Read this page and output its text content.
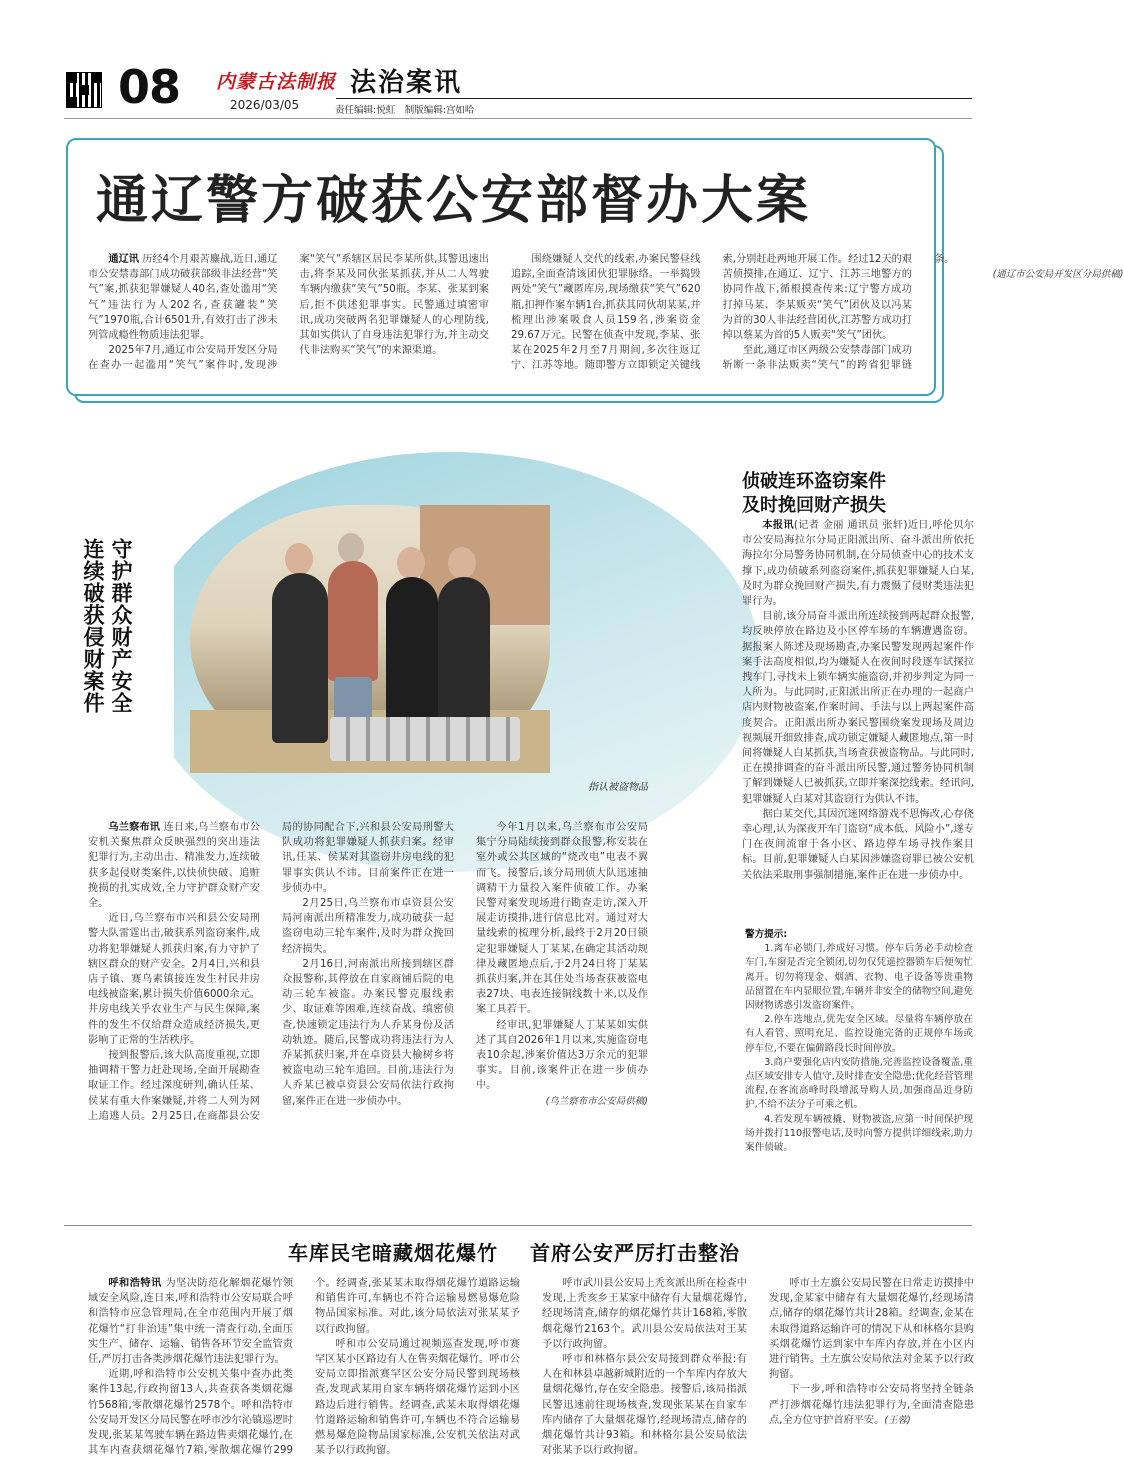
08 内蒙古法制报
2026/03/05
法治案讯
责任编辑:悦虹　制版编辑:宫如哈
通辽警方破获公安部督办大案

通辽讯 历经4个月艰苦鏖战,近日,通辽市公安禁毒部门成功破获部级非法经营“笑气”案,抓获犯罪嫌疑人40名,查处滥用“笑气”违法行为人202名,查获罐装“笑气”1970瓶,合计6501升,有效打击了涉未列管成瘾性物质违法犯罪。

2025年7月,通辽市公安局开发区分局在查办一起滥用“笑气”案件时,发现涉案“笑气”系辖区居民李某所供,其警迅速出击,将李某及同伙张某抓获,并从二人驾驶车辆内缴获“笑气”50瓶。李某、张某到案后,拒不供述犯罪事实。民警通过填密审讯,成功突破两名犯罪嫌疑人的心理防线,其如实供认了自身违法犯罪行为,并主动交代非法购买“笑气”的来源渠道。

围绕嫌疑人交代的线索,办案民警昼线追踪,全面查清该团伙犯罪脉络。一举捣毁两处“笑气”藏匿库房,现场缴获“笑气”620瓶,扣押作案车辆1台,抓获其同伙胡某某,并梳理出涉案吸食人员159名,涉案资金29.67万元。民警在侦查中发现,李某、张某在2025年2月至7月期间,多次往返辽宁、江苏等地。随即警方立即锁定关键线索,分别赶赴两地开展工作。经过12天的艰苦侦摸排,在通辽、辽宁、江苏三地警方的协同作战下,循根摸查传来:辽宁警方成功打掉马某、李某贩卖“笑气”团伙及以冯某为首的30人非法经营团伙,江苏警方成功打掉以蔡某为首的5人贩卖“笑气”团伙。

至此,通辽市区两级公安禁毒部门成功斩断一条非法贩卖“笑气”的跨省犯罪链条。

(通辽市公安局开发区分局供稿)

守护群众财产安全
连续破获侵财案件
指认被盗物品

乌兰察布讯 连日来,乌兰察布市公安机关聚焦群众反映强烈的突出违法犯罪行为,主动出击、精准发力,连续破获多起侵财类案件,以快侦快破、追赃挽损的扎实成效,全力守护群众财产安全。

近日,乌兰察布市兴和县公安局刑警大队雷霆出击,破获系列盗窃案件,成功将犯罪嫌疑人抓获归案,有力守护了辖区群众的财产安全。2月4日,兴和县店子镇、赛乌素镇接连发生村民井房电线被盗案,累计损失价值6000余元。井房电线关乎农业生产与民生保障,案件的发生不仅给群众造成经济损失,更影响了正常的生活秩序。

接到报警后,该大队高度重视,立即抽调精干警力赶赴现场,全面开展勘查取证工作。经过深度研判,确认任某、侯某有重大作案嫌疑,并将二人列为网上追逃人员。2月25日,在商都县公安局的协同配合下,兴和县公安局刑警大队成功将犯罪嫌疑人抓获归案。经审讯,任某、侯某对其盗窃井房电线的犯罪事实供认不讳。目前案件正在进一步侦办中。

2月25日,乌兰察布市卓资县公安局河南派出所精准发力,成功破获一起盗窃电动三轮车案件,及时为群众挽回经济损失。

2月16日,河南派出所接到辖区群众报警称,其停放在自家商铺后院的电动三轮车被盗。办案民警克服线索少、取证难等困难,连续奋战、缜密侦查,快速锁定违法行为人乔某身份及活动轨迹。随后,民警成功将违法行为人乔某抓获归案,并在卓资县大榆树乡将被盗电动三轮车追回。目前,违法行为人乔某已被卓资县公安局依法行政拘留,案件正在进一步侦办中。

今年1月以来,乌兰察布市公安局集宁分局陆续接到群众报警,称安装在室外或公共区域的“烧改电”电表不翼而飞。接警后,该分局刑侦大队迅速抽调精干力量投入案件侦破工作。办案民警对案发现场进行勘查走访,深入开展走访摸排,进行信息比对。通过对大量线索的梳理分析,最终于2月20日锁定犯罪嫌疑人丁某某,在确定其活动规律及藏匿地点后,于2月24日将丁某某抓获归案,并在其住处当场查获被盗电表27块、电表连接铜线数十米,以及作案工具若干。

经审讯,犯罪嫌疑人丁某某如实供述了其自2026年1月以来,实施盗窃电表10余起,涉案价值达3万余元的犯罪事实。目前,该案件正在进一步侦办中。

(乌兰察布市公安局供稿)

侦破连环盗窃案件
及时挽回财产损失

本报讯(记者 金丽 通讯员 张轩)近日,呼伦贝尔市公安局海拉尔分局正阳派出所、奋斗派出所依托海拉尔分局警务协同机制,在分局侦查中心的技术支撑下,成功侦破系列盗窃案件,抓获犯罪嫌疑人白某,及时为群众挽回财产损失,有力震慑了侵财类违法犯罪行为。

目前,该分局奋斗派出所连续接到两起群众报警,均反映停放在路边及小区停车场的车辆遭遇盗窃。据报案人陈述及现场勘查,办案民警发现两起案件作案手法高度相似,均为嫌疑人在夜间时段逐车试探拉拽车门,寻找未上锁车辆实施盗窃,并初步判定为同一人所为。与此同时,正阳派出所正在办理的一起商户店内财物被盗案,作案时间、手法与以上两起案件高度契合。正阳派出所办案民警围绕案发现场及周边视频展开细致排查,成功锁定嫌疑人藏匿地点,第一时间将嫌疑人白某抓获,当场查获被盗物品。与此同时,正在摸排调查的奋斗派出所民警,通过警务协同机制了解到嫌疑人已被抓获,立即并案深挖线索。经讯问,犯罪嫌疑人白某对其盗窃行为供认不讳。

据白某交代,其因沉迷网络游戏不思悔改,心存侥幸心理,认为深夜开车门盗窃“成本低、风险小”,遂专门在夜间流窜于各小区、路边停车场寻找作案目标。目前,犯罪嫌疑人白某因涉嫌盗窃罪已被公安机关依法采取刑事强制措施,案件正在进一步侦办中。

警方提示:

1.离车必锁门,养成好习惯。停车后务必手动检查车门,车窗是否完全锁闭,切勿仅凭遥控器锁车后便匆忙离开。切勿将现金、烟酒、衣物、电子设备等贵重物品留置在车内显眼位置,车辆并非安全的储物空间,避免因财物诱惑引发盗窃案件。

2.停车选地点,优先安全区域。尽量将车辆停放在有人看管、照明充足、监控设施完备的正规停车场或停车位,不要在偏僻路段长时间停放。

3.商户要强化店内安防措施,完善监控设备覆盖,重点区域安排专人值守,及时排查安全隐患;优化经营管理流程,在客流高峰时段增派导购人员,加强商品近身防护,不给不法分子可乘之机。

4.若发现车辆被撬、财物被盗,应第一时间保护现场并拨打110报警电话,及时向警方提供详细线索,助力案件侦破。

车库民宅暗藏烟花爆竹 首府公安严厉打击整治

呼和浩特讯 为坚决防范化解烟花爆竹领域安全风险,连日来,呼和浩特市公安局联合呼和浩特市应急管理局,在全市范围内开展了烟花爆竹“打非治违”集中统一清查行动,全面压实生产、储存、运输、销售各环节安全监管责任,严厉打击各类涉烟花爆竹违法犯罪行为。

近期,呼和浩特市公安机关集中查办此类案件13起,行政拘留13人,共查获各类烟花爆竹568箱,零散烟花爆竹2578个。呼和浩特市公安局开发区分局民警在呼市沙尔沁镇巡逻时发现,张某某驾驶车辆在路边售卖烟花爆竹,在其车内查获烟花爆竹7箱,零散烟花爆竹299个。经调查,张某某未取得烟花爆竹道路运输和销售许可,车辆也不符合运输易燃易爆危险物品国家标准。对此,该分局依法对张某某予以行政拘留。

呼和市公安局通过视频巡查发现,呼市赛罕区某小区路边有人在售卖烟花爆竹。呼市公安局立即指派赛罕区公安分局民警到现场核查,发现武某用自家车辆将烟花爆竹运到小区路边后进行销售。经调查,武某未取得烟花爆竹道路运输和销售许可,车辆也不符合运输易燃易爆危险物品国家标准,公安机关依法对武某予以行政拘留。

呼市武川县公安局上秃亥派出所在检查中发现,上秃亥乡王某家中储存有大量烟花爆竹,经现场清查,储存的烟花爆竹共计168箱,零散烟花爆竹2163个。武川县公安局依法对王某予以行政拘留。

呼市和林格尔县公安局接到群众举报:有人在和林县卓越新城附近的一个车库内存放大量烟花爆竹,存在安全隐患。接警后,该局指派民警迅速前往现场核查,发现张某某在自家车库内储存了大量烟花爆竹,经现场清点,储存的烟花爆竹共计93箱。和林格尔县公安局依法对张某予以行政拘留。

呼市土左旗公安局民警在日常走访摸排中发现,金某家中储存有大量烟花爆竹,经现场清点,储存的烟花爆竹共计28箱。经调查,金某在未取得道路运输许可的情况下从和林格尔县购买烟花爆竹运到家中车库内存放,并在小区内进行销售。土左旗公安局依法对金某予以行政拘留。

下一步,呼和浩特市公安局将坚持全链条严打涉烟花爆竹违法犯罪行为,全面清查隐患点,全方位守护首府平安。(王蓉)
